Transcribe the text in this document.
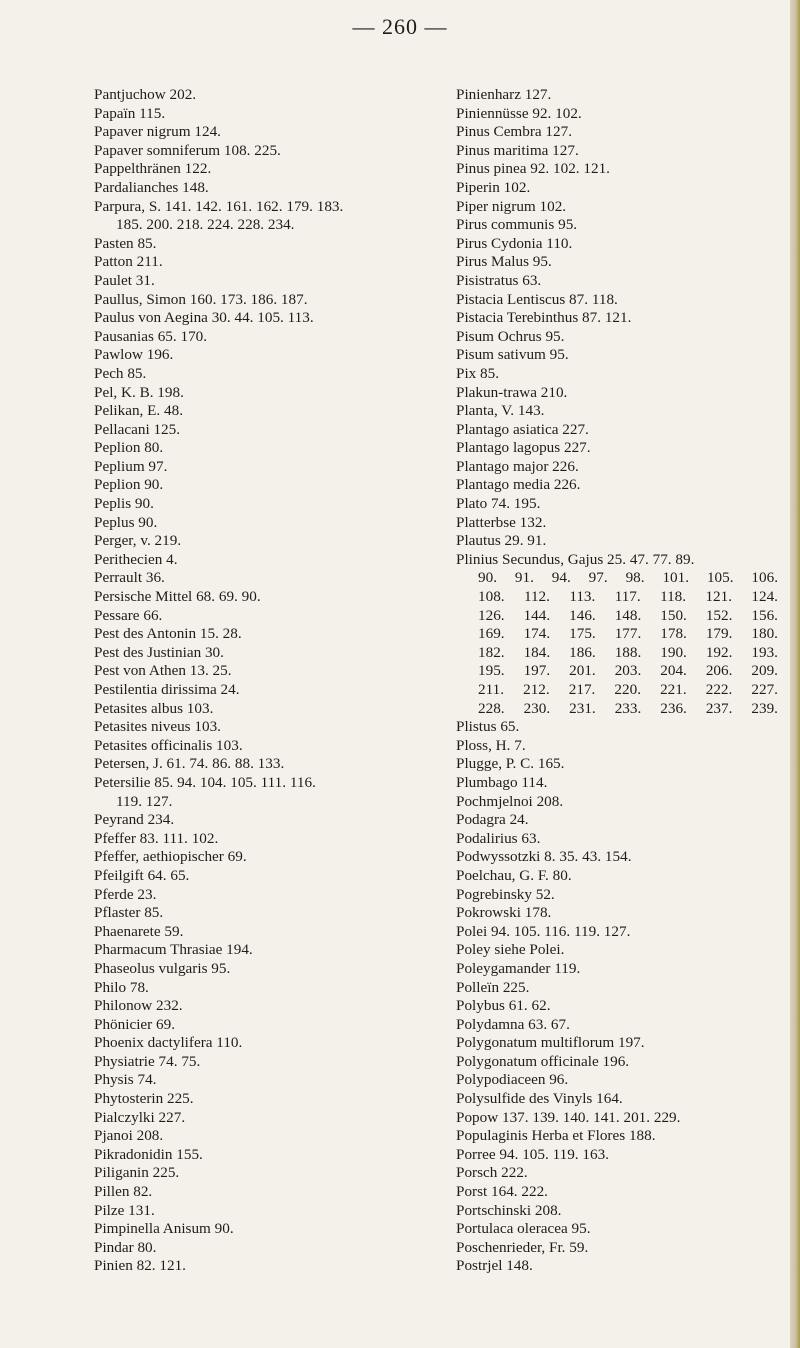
— 260 —
Pantjuchow 202.
Papaïn 115.
Papaver nigrum 124.
Papaver somniferum 108. 225.
Pappelthränen 122.
Pardalianches 148.
Parpura, S. 141. 142. 161. 162. 179. 183.
185. 200. 218. 224. 228. 234.
Pasten 85.
Patton 211.
Paulet 31.
Paullus, Simon 160. 173. 186. 187.
Paulus von Aegina 30. 44. 105. 113.
Pausanias 65. 170.
Pawlow 196.
Pech 85.
Pel, K. B. 198.
Pelikan, E. 48.
Pellacani 125.
Peplion 80.
Peplium 97.
Peplion 90.
Peplis 90.
Peplus 90.
Perger, v. 219.
Perithecien 4.
Perrault 36.
Persische Mittel 68. 69. 90.
Pessare 66.
Pest des Antonin 15. 28.
Pest des Justinian 30.
Pest von Athen 13. 25.
Pestilentia dirissima 24.
Petasites albus 103.
Petasites niveus 103.
Petasites officinalis 103.
Petersen, J. 61. 74. 86. 88. 133.
Petersilie 85. 94. 104. 105. 111. 116.
119. 127.
Peyrand 234.
Pfeffer 83. 111. 102.
Pfeffer, aethiopischer 69.
Pfeilgift 64. 65.
Pferde 23.
Pflaster 85.
Phaenarete 59.
Pharmacum Thrasiae 194.
Phaseolus vulgaris 95.
Philo 78.
Philonow 232.
Phönicier 69.
Phoenix dactylifera 110.
Physiatrie 74. 75.
Physis 74.
Phytosterin 225.
Pialczylki 227.
Pjanoi 208.
Pikradonidin 155.
Piliganin 225.
Pillen 82.
Pilze 131.
Pimpinella Anisum 90.
Pindar 80.
Pinien 82. 121.
Pinienharz 127.
Piniennüsse 92. 102.
Pinus Cembra 127.
Pinus maritima 127.
Pinus pinea 92. 102. 121.
Piperin 102.
Piper nigrum 102.
Pirus communis 95.
Pirus Cydonia 110.
Pirus Malus 95.
Pisistratus 63.
Pistacia Lentiscus 87. 118.
Pistacia Terebinthus 87. 121.
Pisum Ochrus 95.
Pisum sativum 95.
Pix 85.
Plakun-trawa 210.
Planta, V. 143.
Plantago asiatica 227.
Plantago lagopus 227.
Plantago major 226.
Plantago media 226.
Plato 74. 195.
Platterbse 132.
Plautus 29. 91.
Plinius Secundus, Gajus 25. 47. 77. 89.
90. 91. 94. 97. 98. 101. 105. 106.
108. 112. 113. 117. 118. 121. 124.
126. 144. 146. 148. 150. 152. 156.
169. 174. 175. 177. 178. 179. 180.
182. 184. 186. 188. 190. 192. 193.
195. 197. 201. 203. 204. 206. 209.
211. 212. 217. 220. 221. 222. 227.
228. 230. 231. 233. 236. 237. 239.
Plistus 65.
Ploss, H. 7.
Plugge, P. C. 165.
Plumbago 114.
Pochmjelnoi 208.
Podagra 24.
Podalirius 63.
Podwyssotzki 8. 35. 43. 154.
Poelchau, G. F. 80.
Pogrebinsky 52.
Pokrowski 178.
Polei 94. 105. 116. 119. 127.
Poley siehe Polei.
Poleygamander 119.
Polleïn 225.
Polybus 61. 62.
Polydamna 63. 67.
Polygonatum multiflorum 197.
Polygonatum officinale 196.
Polypodiaceen 96.
Polysulfide des Vinyls 164.
Popow 137. 139. 140. 141. 201. 229.
Populaginis Herba et Flores 188.
Porree 94. 105. 119. 163.
Porsch 222.
Porst 164. 222.
Portschinski 208.
Portulaca oleracea 95.
Poschenrieder, Fr. 59.
Postrjel 148.
